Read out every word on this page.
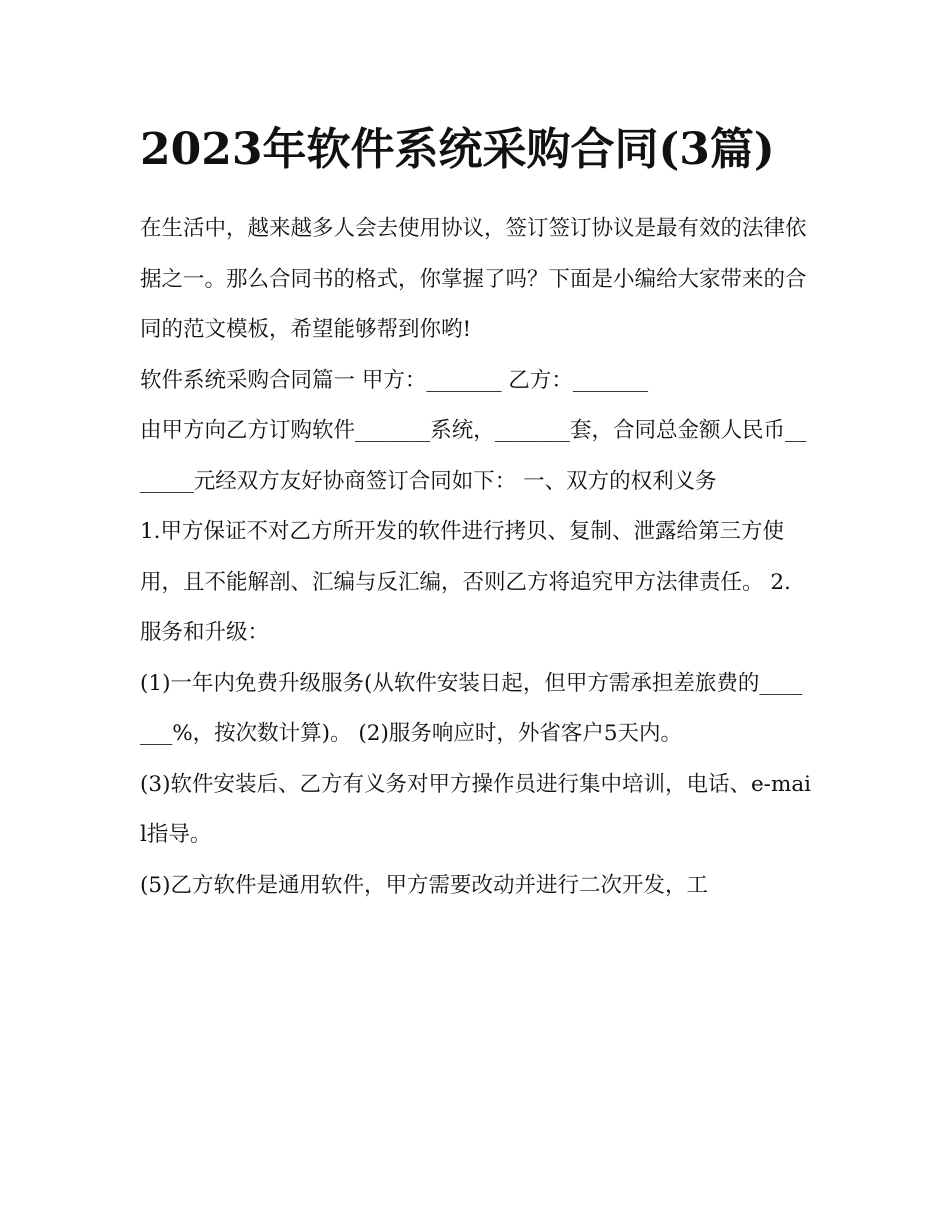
2023年软件系统采购合同(3篇)

在生活中，越来越多人会去使用协议，签订签订协议是最有效的法律依据之一。那么合同书的格式，你掌握了吗？下面是小编给大家带来的合同的范文模板，希望能够帮到你哟!

软件系统采购合同篇一 甲方：_______ 乙方：_______

由甲方向乙方订购软件_______系统，_______套，合同总金额人民币_______元经双方友好协商签订合同如下： 一、双方的权利义务

1.甲方保证不对乙方所开发的软件进行拷贝、复制、泄露给第三方使用，且不能解剖、汇编与反汇编，否则乙方将追究甲方法律责任。 2.服务和升级：

(1)一年内免费升级服务(从软件安装日起，但甲方需承担差旅费的_______%，按次数计算)。 (2)服务响应时，外省客户5天内。

(3)软件安装后、乙方有义务对甲方操作员进行集中培训，电话、e-mail指导。

(5)乙方软件是通用软件，甲方需要改动并进行二次开发，工
